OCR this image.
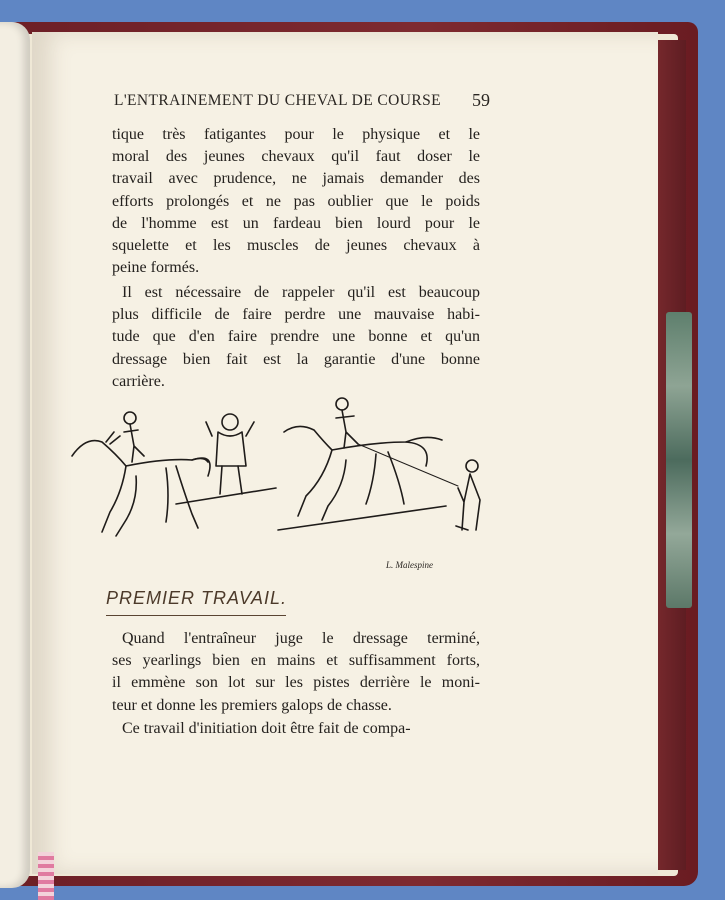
L'ENTRAINEMENT DU CHEVAL DE COURSE	59
tique très fatigantes pour le physique et le
moral des jeunes chevaux qu'il faut doser le
travail avec prudence, ne jamais demander des
efforts prolongés et ne pas oublier que le poids
de l'homme est un fardeau bien lourd pour le
squelette et les muscles de jeunes chevaux à
peine formés.
Il est nécessaire de rappeler qu'il est beaucoup
plus difficile de faire perdre une mauvaise habi-
tude que d'en faire prendre une bonne et qu'un
dressage bien fait est la garantie d'une bonne
carrière.
L. Malespine
PREMIER TRAVAIL.
Quand l'entraîneur juge le dressage terminé,
ses yearlings bien en mains et suffisamment forts,
il emmène son lot sur les pistes derrière le moni-
teur et donne les premiers galops de chasse.
Ce travail d'initiation doit être fait de compa-
